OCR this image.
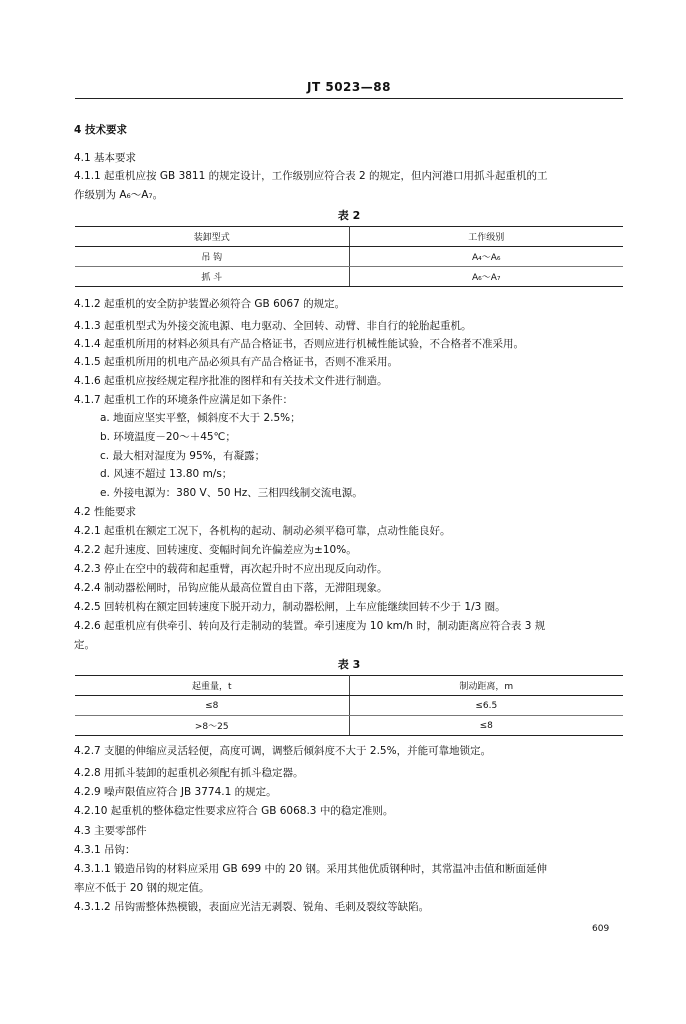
JT 5023—88
4 技术要求
4.1 基本要求
4.1.1 起重机应按 GB 3811 的规定设计，工作级别应符合表 2 的规定，但内河港口用抓斗起重机的工
作级别为 A₆～A₇。
表 2
装卸型式	工作级别
吊 钩	A₄～A₆
抓 斗	A₆～A₇
4.1.2 起重机的安全防护装置必须符合 GB 6067 的规定。
4.1.3 起重机型式为外接交流电源、电力驱动、全回转、动臂、非自行的轮胎起重机。
4.1.4 起重机所用的材料必须具有产品合格证书，否则应进行机械性能试验，不合格者不准采用。
4.1.5 起重机所用的机电产品必须具有产品合格证书，否则不准采用。
4.1.6 起重机应按经规定程序批准的图样和有关技术文件进行制造。
4.1.7 起重机工作的环境条件应满足如下条件：
a. 地面应坚实平整，倾斜度不大于 2.5%；
b. 环境温度－20～＋45℃；
c. 最大相对湿度为 95%，有凝露；
d. 风速不超过 13.80 m/s；
e. 外接电源为：380 V、50 Hz、三相四线制交流电源。
4.2 性能要求
4.2.1 起重机在额定工况下，各机构的起动、制动必须平稳可靠，点动性能良好。
4.2.2 起升速度、回转速度、变幅时间允许偏差应为±10%。
4.2.3 停止在空中的载荷和起重臂，再次起升时不应出现反向动作。
4.2.4 制动器松闸时，吊钩应能从最高位置自由下落，无滞阻现象。
4.2.5 回转机构在额定回转速度下脱开动力，制动器松闸，上车应能继续回转不少于 1/3 圈。
4.2.6 起重机应有供牵引、转向及行走制动的装置。牵引速度为 10 km/h 时，制动距离应符合表 3 规
定。
表 3
起重量，t	制动距离，m
≤8	≤6.5
>8～25	≤8
4.2.7 支腿的伸缩应灵活轻便，高度可调，调整后倾斜度不大于 2.5%，并能可靠地锁定。
4.2.8 用抓斗装卸的起重机必须配有抓斗稳定器。
4.2.9 噪声限值应符合 JB 3774.1 的规定。
4.2.10 起重机的整体稳定性要求应符合 GB 6068.3 中的稳定准则。
4.3 主要零部件
4.3.1 吊钩：
4.3.1.1 锻造吊钩的材料应采用 GB 699 中的 20 钢。采用其他优质钢种时，其常温冲击值和断面延伸
率应不低于 20 钢的规定值。
4.3.1.2 吊钩需整体热模锻，表面应光洁无剥裂、锐角、毛刺及裂纹等缺陷。
609
